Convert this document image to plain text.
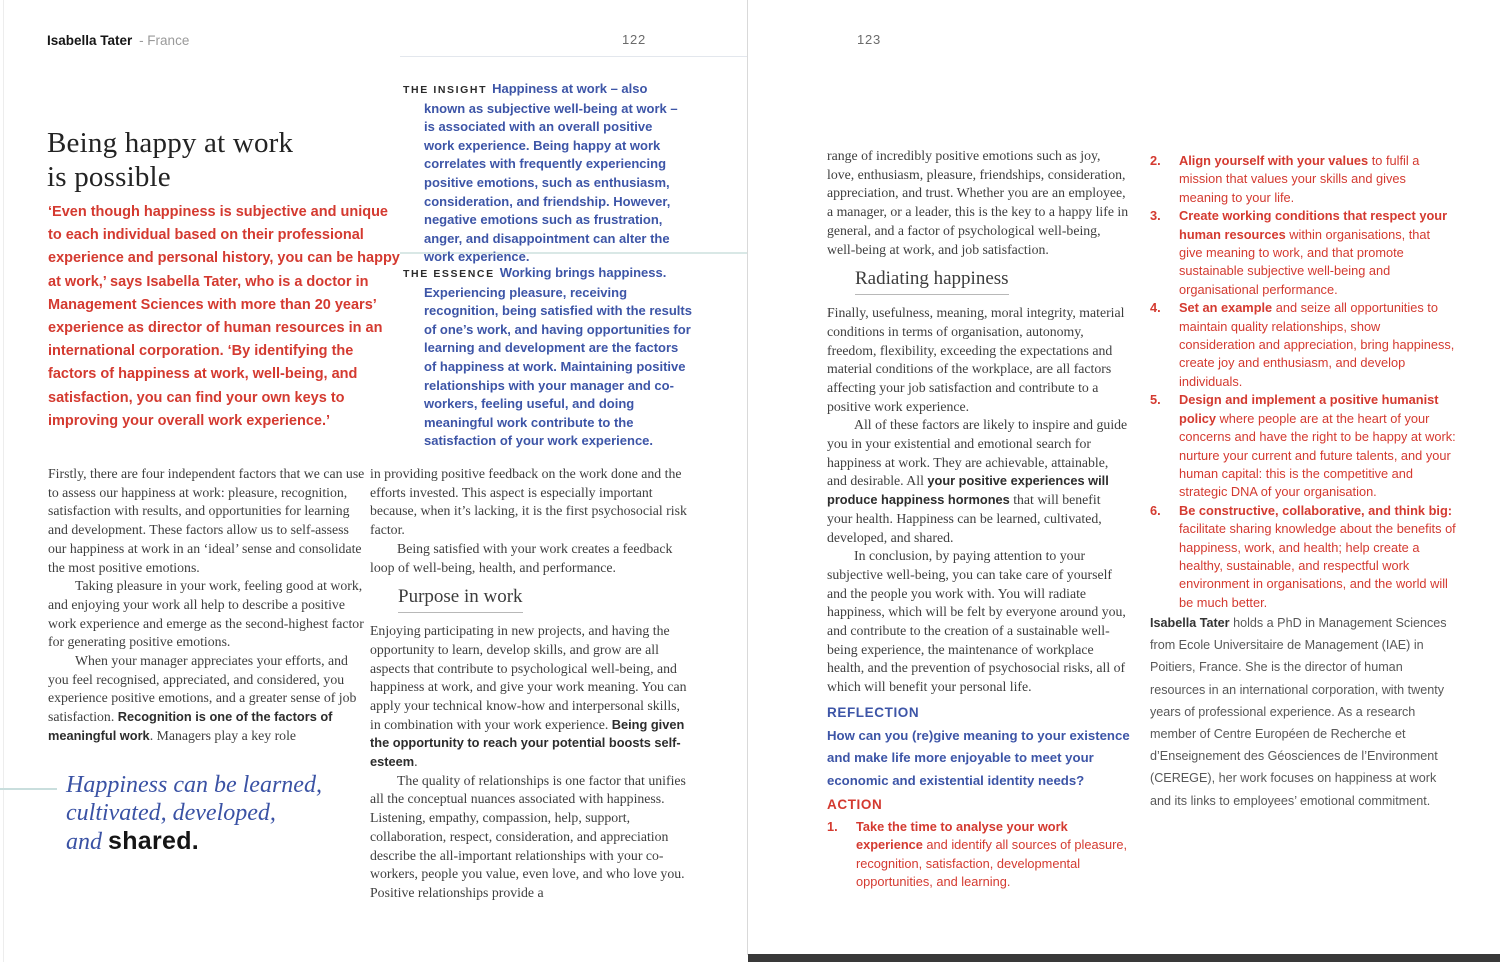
Isabella Tater - France	122	123
Being happy at work
is possible
‘Even though happiness is subjective and unique to each individual based on their professional experience and personal history, you can be happy at work,’ says Isabella Tater, who is a doctor in Management Sciences with more than 20 years’ experience as director of human resources in an international corporation. ‘By identifying the factors of happiness at work, well-being, and satisfaction, you can find your own keys to improving your overall work experience.’
THE INSIGHT Happiness at work – also known as subjective well-being at work – is associated with an overall positive work experience. Being happy at work correlates with frequently experiencing positive emotions, such as enthusiasm, consideration, and friendship. However, negative emotions such as frustration, anger, and disappointment can alter the work experience.
THE ESSENCE Working brings happiness. Experiencing pleasure, receiving recognition, being satisfied with the results of one’s work, and having opportunities for learning and development are the factors of happiness at work. Maintaining positive relationships with your manager and co-workers, feeling useful, and doing meaningful work contribute to the satisfaction of your work experience.

Firstly, there are four independent factors that we can use to assess our happiness at work: pleasure, recognition, satisfaction with results, and opportunities for learning and development. These factors allow us to self-assess our happiness at work in an ‘ideal’ sense and consolidate the most positive emotions.

Taking pleasure in your work, feeling good at work, and enjoying your work all help to describe a positive work experience and emerge as the second-highest factor for generating positive emotions.

When your manager appreciates your efforts, and you feel recognised, appreciated, and considered, you experience positive emotions, and a greater sense of job satisfaction. Recognition is one of the factors of meaningful work. Managers play a key role

Happiness can be learned,
cultivated, developed,
and shared.

in providing positive feedback on the work done and the efforts invested. This aspect is especially important because, when it’s lacking, it is the first psychosocial risk factor.

Being satisfied with your work creates a feedback loop of well-being, health, and performance.

Purpose in work

Enjoying participating in new projects, and having the opportunity to learn, develop skills, and grow are all aspects that contribute to psychological well-being, and happiness at work, and give your work meaning. You can apply your technical know-how and interpersonal skills, in combination with your work experience. Being given the opportunity to reach your potential boosts self-esteem.

The quality of relationships is one factor that unifies all the conceptual nuances associated with happiness. Listening, empathy, compassion, help, support, collaboration, respect, consideration, and appreciation describe the all-important relationships with your co-workers, people you value, even love, and who love you. Positive relationships provide a

range of incredibly positive emotions such as joy, love, enthusiasm, pleasure, friendships, consideration, appreciation, and trust. Whether you are an employee, a manager, or a leader, this is the key to a happy life in general, and a factor of psychological well-being, well-being at work, and job satisfaction.

Radiating happiness

Finally, usefulness, meaning, moral integrity, material conditions in terms of organisation, autonomy, freedom, flexibility, exceeding the expectations and material conditions of the workplace, are all factors affecting your job satisfaction and contribute to a positive work experience.

All of these factors are likely to inspire and guide you in your existential and emotional search for happiness at work. They are achievable, attainable, and desirable. All your positive experiences will produce happiness hormones that will benefit your health. Happiness can be learned, cultivated, developed, and shared.

In conclusion, by paying attention to your subjective well-being, you can take care of yourself and the people you work with. You will radiate happiness, which will be felt by everyone around you, and contribute to the creation of a sustainable well-being experience, the maintenance of workplace health, and the prevention of psychosocial risks, all of which will benefit your personal life.

REFLECTION
How can you (re)give meaning to your existence and make life more enjoyable to meet your economic and existential identity needs?
ACTION
1.	Take the time to analyse your work experience and identify all sources of pleasure, recognition, satisfaction, developmental opportunities, and learning.
2.	Align yourself with your values to fulfil a mission that values your skills and gives meaning to your life.
3.	Create working conditions that respect your human resources within organisations, that give meaning to work, and that promote sustainable subjective well-being and organisational performance.
4.	Set an example and seize all opportunities to maintain quality relationships, show consideration and appreciation, bring happiness, create joy and enthusiasm, and develop individuals.
5.	Design and implement a positive humanist policy where people are at the heart of your concerns and have the right to be happy at work: nurture your current and future talents, and your human capital: this is the competitive and strategic DNA of your organisation.
6.	Be constructive, collaborative, and think big: facilitate sharing knowledge about the benefits of happiness, work, and health; help create a healthy, sustainable, and respectful work environment in organisations, and the world will be much better.
Isabella Tater holds a PhD in Management Sciences from Ecole Universitaire de Management (IAE) in Poitiers, France. She is the director of human resources in an international corporation, with twenty years of professional experience. As a research member of Centre Européen de Recherche et d’Enseignement des Géosciences de l’Environment (CEREGE), her work focuses on happiness at work and its links to employees’ emotional commitment.
